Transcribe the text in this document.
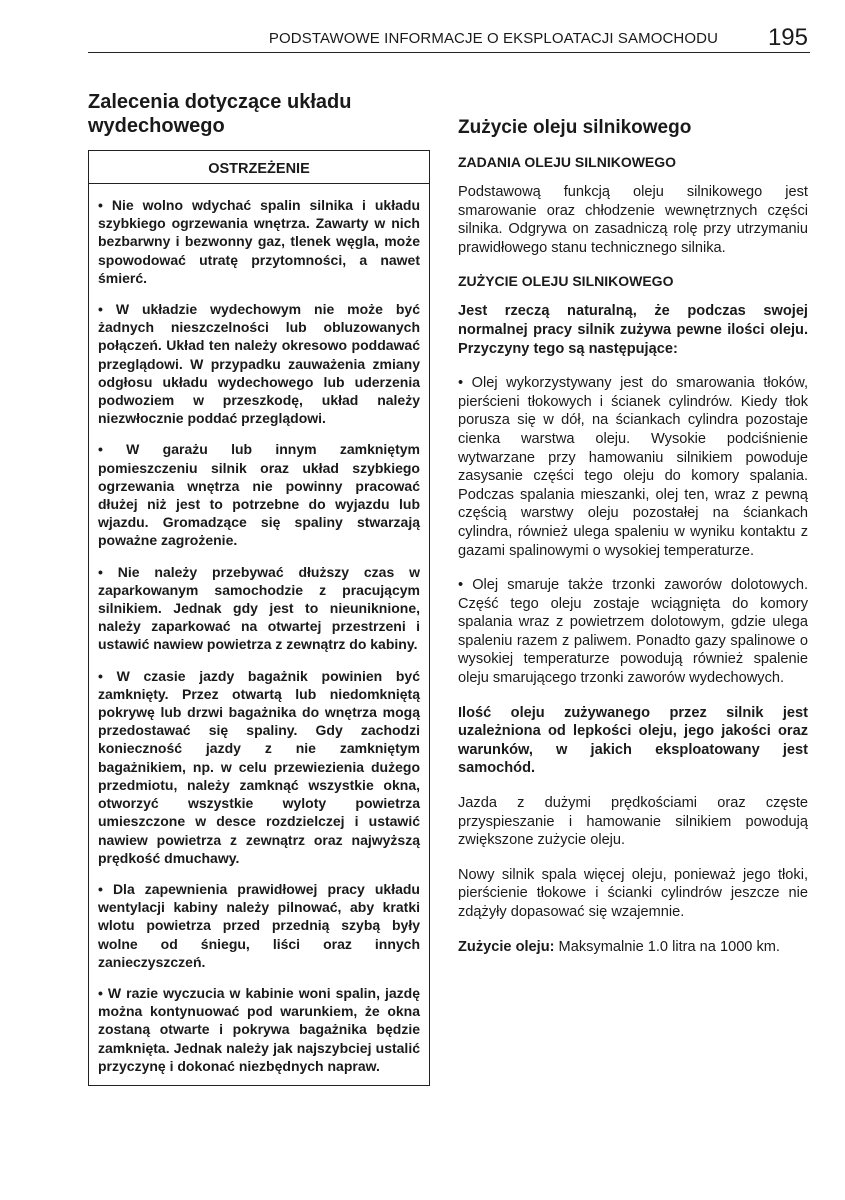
PODSTAWOWE INFORMACJE O EKSPLOATACJI SAMOCHODU 195
Zalecenia dotyczące układu wydechowego
OSTRZEŻENIE
• Nie wolno wdychać spalin silnika i układu szybkiego ogrzewania wnętrza. Zawarty w nich bezbarwny i bezwonny gaz, tlenek węgla, może spowodować utratę przytomności, a nawet śmierć.
• W układzie wydechowym nie może być żadnych nieszczelności lub obluzowanych połączeń. Układ ten należy okresowo poddawać przeglądowi. W przypadku zauważenia zmiany odgłosu układu wydechowego lub uderzenia podwoziem w przeszkodę, układ należy niezwłocznie poddać przeglądowi.
• W garażu lub innym zamkniętym pomieszczeniu silnik oraz układ szybkiego ogrzewania wnętrza nie powinny pracować dłużej niż jest to potrzebne do wyjazdu lub wjazdu. Gromadzące się spaliny stwarzają poważne zagrożenie.
• Nie należy przebywać dłuższy czas w zaparkowanym samochodzie z pracującym silnikiem. Jednak gdy jest to nieuniknione, należy zaparkować na otwartej przestrzeni i ustawić nawiew powietrza z zewnątrz do kabiny.
• W czasie jazdy bagażnik powinien być zamknięty. Przez otwartą lub niedomkniętą pokrywę lub drzwi bagażnika do wnętrza mogą przedostawać się spaliny. Gdy zachodzi konieczność jazdy z nie zamkniętym bagażnikiem, np. w celu przewiezienia dużego przedmiotu, należy zamknąć wszystkie okna, otworzyć wszystkie wyloty powietrza umieszczone w desce rozdzielczej i ustawić nawiew powietrza z zewnątrz oraz najwyższą prędkość dmuchawy.
• Dla zapewnienia prawidłowej pracy układu wentylacji kabiny należy pilnować, aby kratki wlotu powietrza przed przednią szybą były wolne od śniegu, liści oraz innych zanieczyszczeń.
• W razie wyczucia w kabinie woni spalin, jazdę można kontynuować pod warunkiem, że okna zostaną otwarte i pokrywa bagażnika będzie zamknięta. Jednak należy jak najszybciej ustalić przyczynę i dokonać niezbędnych napraw.
Zużycie oleju silnikowego
ZADANIA OLEJU SILNIKOWEGO
Podstawową funkcją oleju silnikowego jest smarowanie oraz chłodzenie wewnętrznych części silnika. Odgrywa on zasadniczą rolę przy utrzymaniu prawidłowego stanu technicznego silnika.
ZUŻYCIE OLEJU SILNIKOWEGO
Jest rzeczą naturalną, że podczas swojej normalnej pracy silnik zużywa pewne ilości oleju. Przyczyny tego są następujące:
• Olej wykorzystywany jest do smarowania tłoków, pierścieni tłokowych i ścianek cylindrów. Kiedy tłok porusza się w dół, na ściankach cylindra pozostaje cienka warstwa oleju. Wysokie podciśnienie wytwarzane przy hamowaniu silnikiem powoduje zasysanie części tego oleju do komory spalania. Podczas spalania mieszanki, olej ten, wraz z pewną częścią warstwy oleju pozostałej na ściankach cylindra, również ulega spaleniu w wyniku kontaktu z gazami spalinowymi o wysokiej temperaturze.
• Olej smaruje także trzonki zaworów dolotowych. Część tego oleju zostaje wciągnięta do komory spalania wraz z powietrzem dolotowym, gdzie ulega spaleniu razem z paliwem. Ponadto gazy spalinowe o wysokiej temperaturze powodują również spalenie oleju smarującego trzonki zaworów wydechowych.
Ilość oleju zużywanego przez silnik jest uzależniona od lepkości oleju, jego jakości oraz warunków, w jakich eksploatowany jest samochód.
Jazda z dużymi prędkościami oraz częste przyspieszanie i hamowanie silnikiem powodują zwiększone zużycie oleju.
Nowy silnik spala więcej oleju, ponieważ jego tłoki, pierścienie tłokowe i ścianki cylindrów jeszcze nie zdążyły dopasować się wzajemnie.
Zużycie oleju: Maksymalnie 1.0 litra na 1000 km.
